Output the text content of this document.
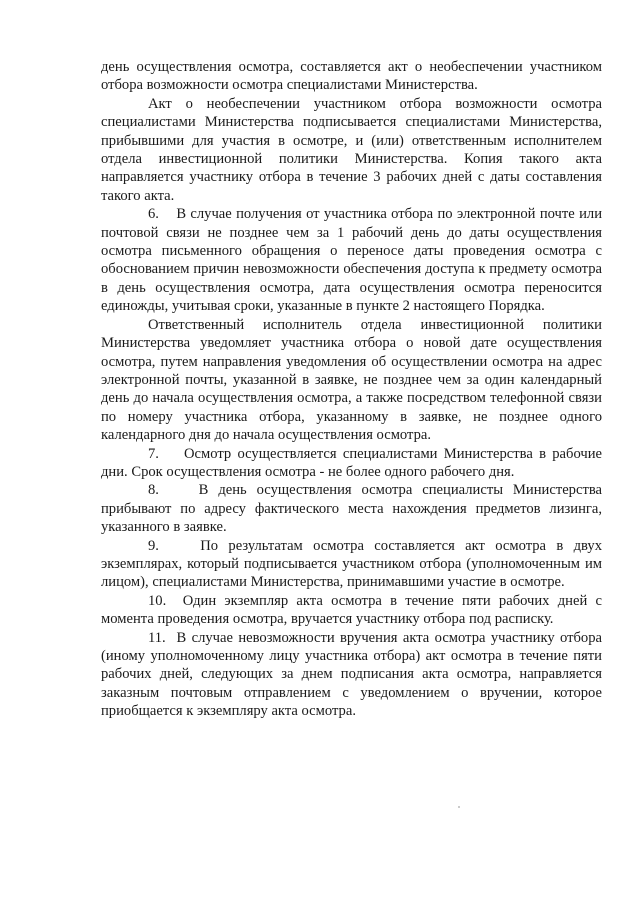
день осуществления осмотра, составляется акт о необеспечении участником отбора возможности осмотра специалистами Министерства.

Акт о необеспечении участником отбора возможности осмотра специалистами Министерства подписывается специалистами Министерства, прибывшими для участия в осмотре, и (или) ответственным исполнителем отдела инвестиционной политики Министерства. Копия такого акта направляется участнику отбора в течение 3 рабочих дней с даты составления такого акта.

6.    В случае получения от участника отбора по электронной почте или почтовой связи не позднее чем за 1 рабочий день до даты осуществления осмотра письменного обращения о переносе даты проведения осмотра с обоснованием причин невозможности обеспечения доступа к предмету осмотра в день осуществления осмотра, дата осуществления осмотра переносится единожды, учитывая сроки, указанные в пункте 2 настоящего Порядка.

Ответственный исполнитель отдела инвестиционной политики Министерства уведомляет участника отбора о новой дате осуществления осмотра, путем направления уведомления об осуществлении осмотра на адрес электронной почты, указанной в заявке, не позднее чем за один календарный день до начала осуществления осмотра, а также посредством телефонной связи по номеру участника отбора, указанному в заявке, не позднее одного календарного дня до начала осуществления осмотра.

7.    Осмотр осуществляется специалистами Министерства в рабочие дни. Срок осуществления осмотра - не более одного рабочего дня.

8.    В день осуществления осмотра специалисты Министерства прибывают по адресу фактического места нахождения предметов лизинга, указанного в заявке.

9.    По результатам осмотра составляется акт осмотра в двух экземплярах, который подписывается участником отбора (уполномоченным им лицом), специалистами Министерства, принимавшими участие в осмотре.

10.  Один экземпляр акта осмотра в течение пяти рабочих дней с момента проведения осмотра, вручается участнику отбора под расписку.

11.  В случае невозможности вручения акта осмотра участнику отбора (иному уполномоченному лицу участника отбора) акт осмотра в течение пяти рабочих дней, следующих за днем подписания акта осмотра, направляется заказным почтовым отправлением с уведомлением о вручении, которое приобщается к экземпляру акта осмотра.
